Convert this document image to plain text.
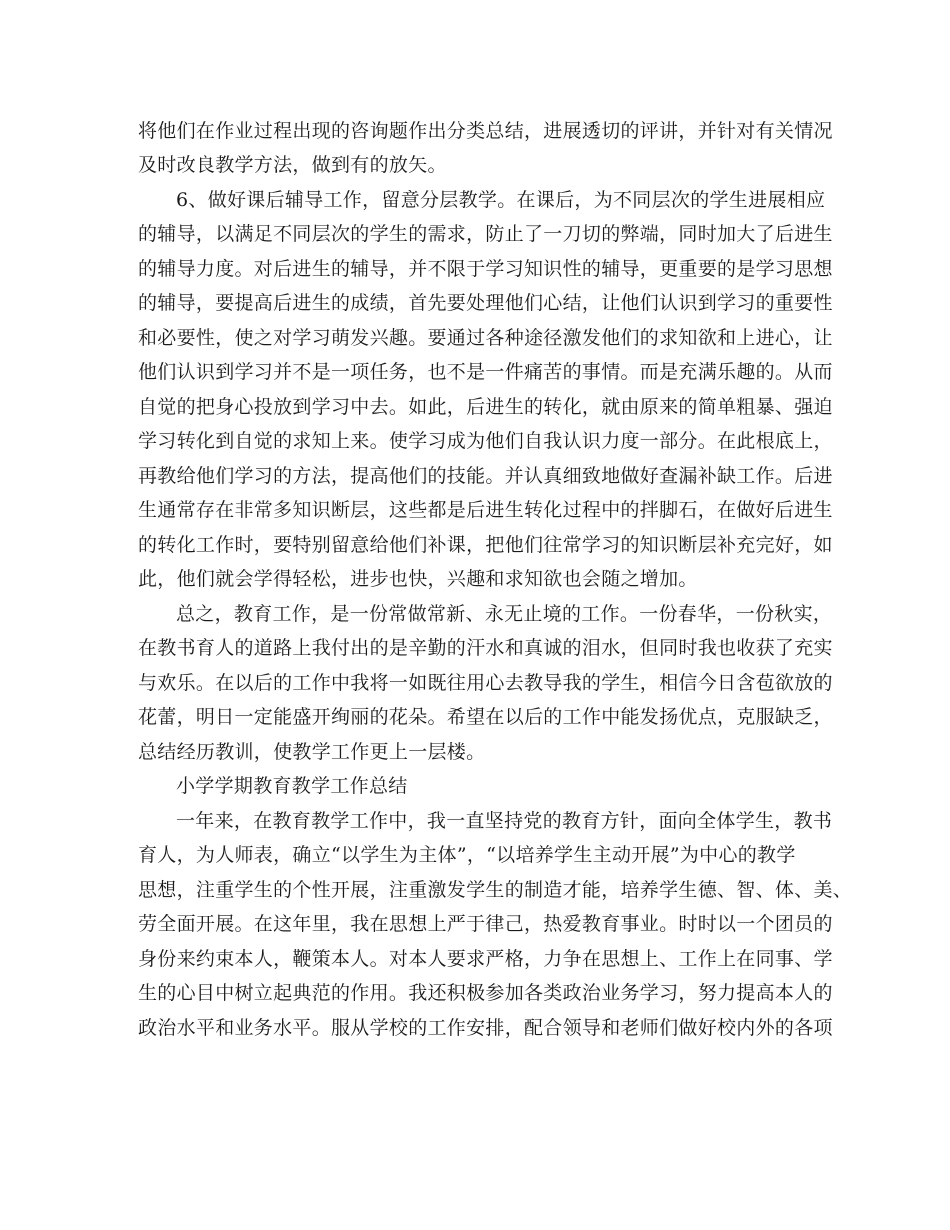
将他们在作业过程出现的咨询题作出分类总结，进展透切的评讲，并针对有关情况
及时改良教学方法，做到有的放矢。
6、做好课后辅导工作，留意分层教学。在课后，为不同层次的学生进展相应
的辅导，以满足不同层次的学生的需求，防止了一刀切的弊端，同时加大了后进生
的辅导力度。对后进生的辅导，并不限于学习知识性的辅导，更重要的是学习思想
的辅导，要提高后进生的成绩，首先要处理他们心结，让他们认识到学习的重要性
和必要性，使之对学习萌发兴趣。要通过各种途径激发他们的求知欲和上进心，让
他们认识到学习并不是一项任务，也不是一件痛苦的事情。而是充满乐趣的。从而
自觉的把身心投放到学习中去。如此，后进生的转化，就由原来的简单粗暴、强迫
学习转化到自觉的求知上来。使学习成为他们自我认识力度一部分。在此根底上，
再教给他们学习的方法，提高他们的技能。并认真细致地做好查漏补缺工作。后进
生通常存在非常多知识断层，这些都是后进生转化过程中的拌脚石，在做好后进生
的转化工作时，要特别留意给他们补课，把他们往常学习的知识断层补充完好，如
此，他们就会学得轻松，进步也快，兴趣和求知欲也会随之增加。
总之，教育工作，是一份常做常新、永无止境的工作。一份春华，一份秋实，
在教书育人的道路上我付出的是辛勤的汗水和真诚的泪水，但同时我也收获了充实
与欢乐。在以后的工作中我将一如既往用心去教导我的学生，相信今日含苞欲放的
花蕾，明日一定能盛开绚丽的花朵。希望在以后的工作中能发扬优点，克服缺乏，
总结经历教训，使教学工作更上一层楼。
小学学期教育教学工作总结
一年来，在教育教学工作中，我一直坚持党的教育方针，面向全体学生，教书
育人，为人师表，确立“以学生为主体”，“以培养学生主动开展”为中心的教学
思想，注重学生的个性开展，注重激发学生的制造才能，培养学生德、智、体、美、
劳全面开展。在这年里，我在思想上严于律己，热爱教育事业。时时以一个团员的
身份来约束本人，鞭策本人。对本人要求严格，力争在思想上、工作上在同事、学
生的心目中树立起典范的作用。我还积极参加各类政治业务学习，努力提高本人的
政治水平和业务水平。服从学校的工作安排，配合领导和老师们做好校内外的各项
